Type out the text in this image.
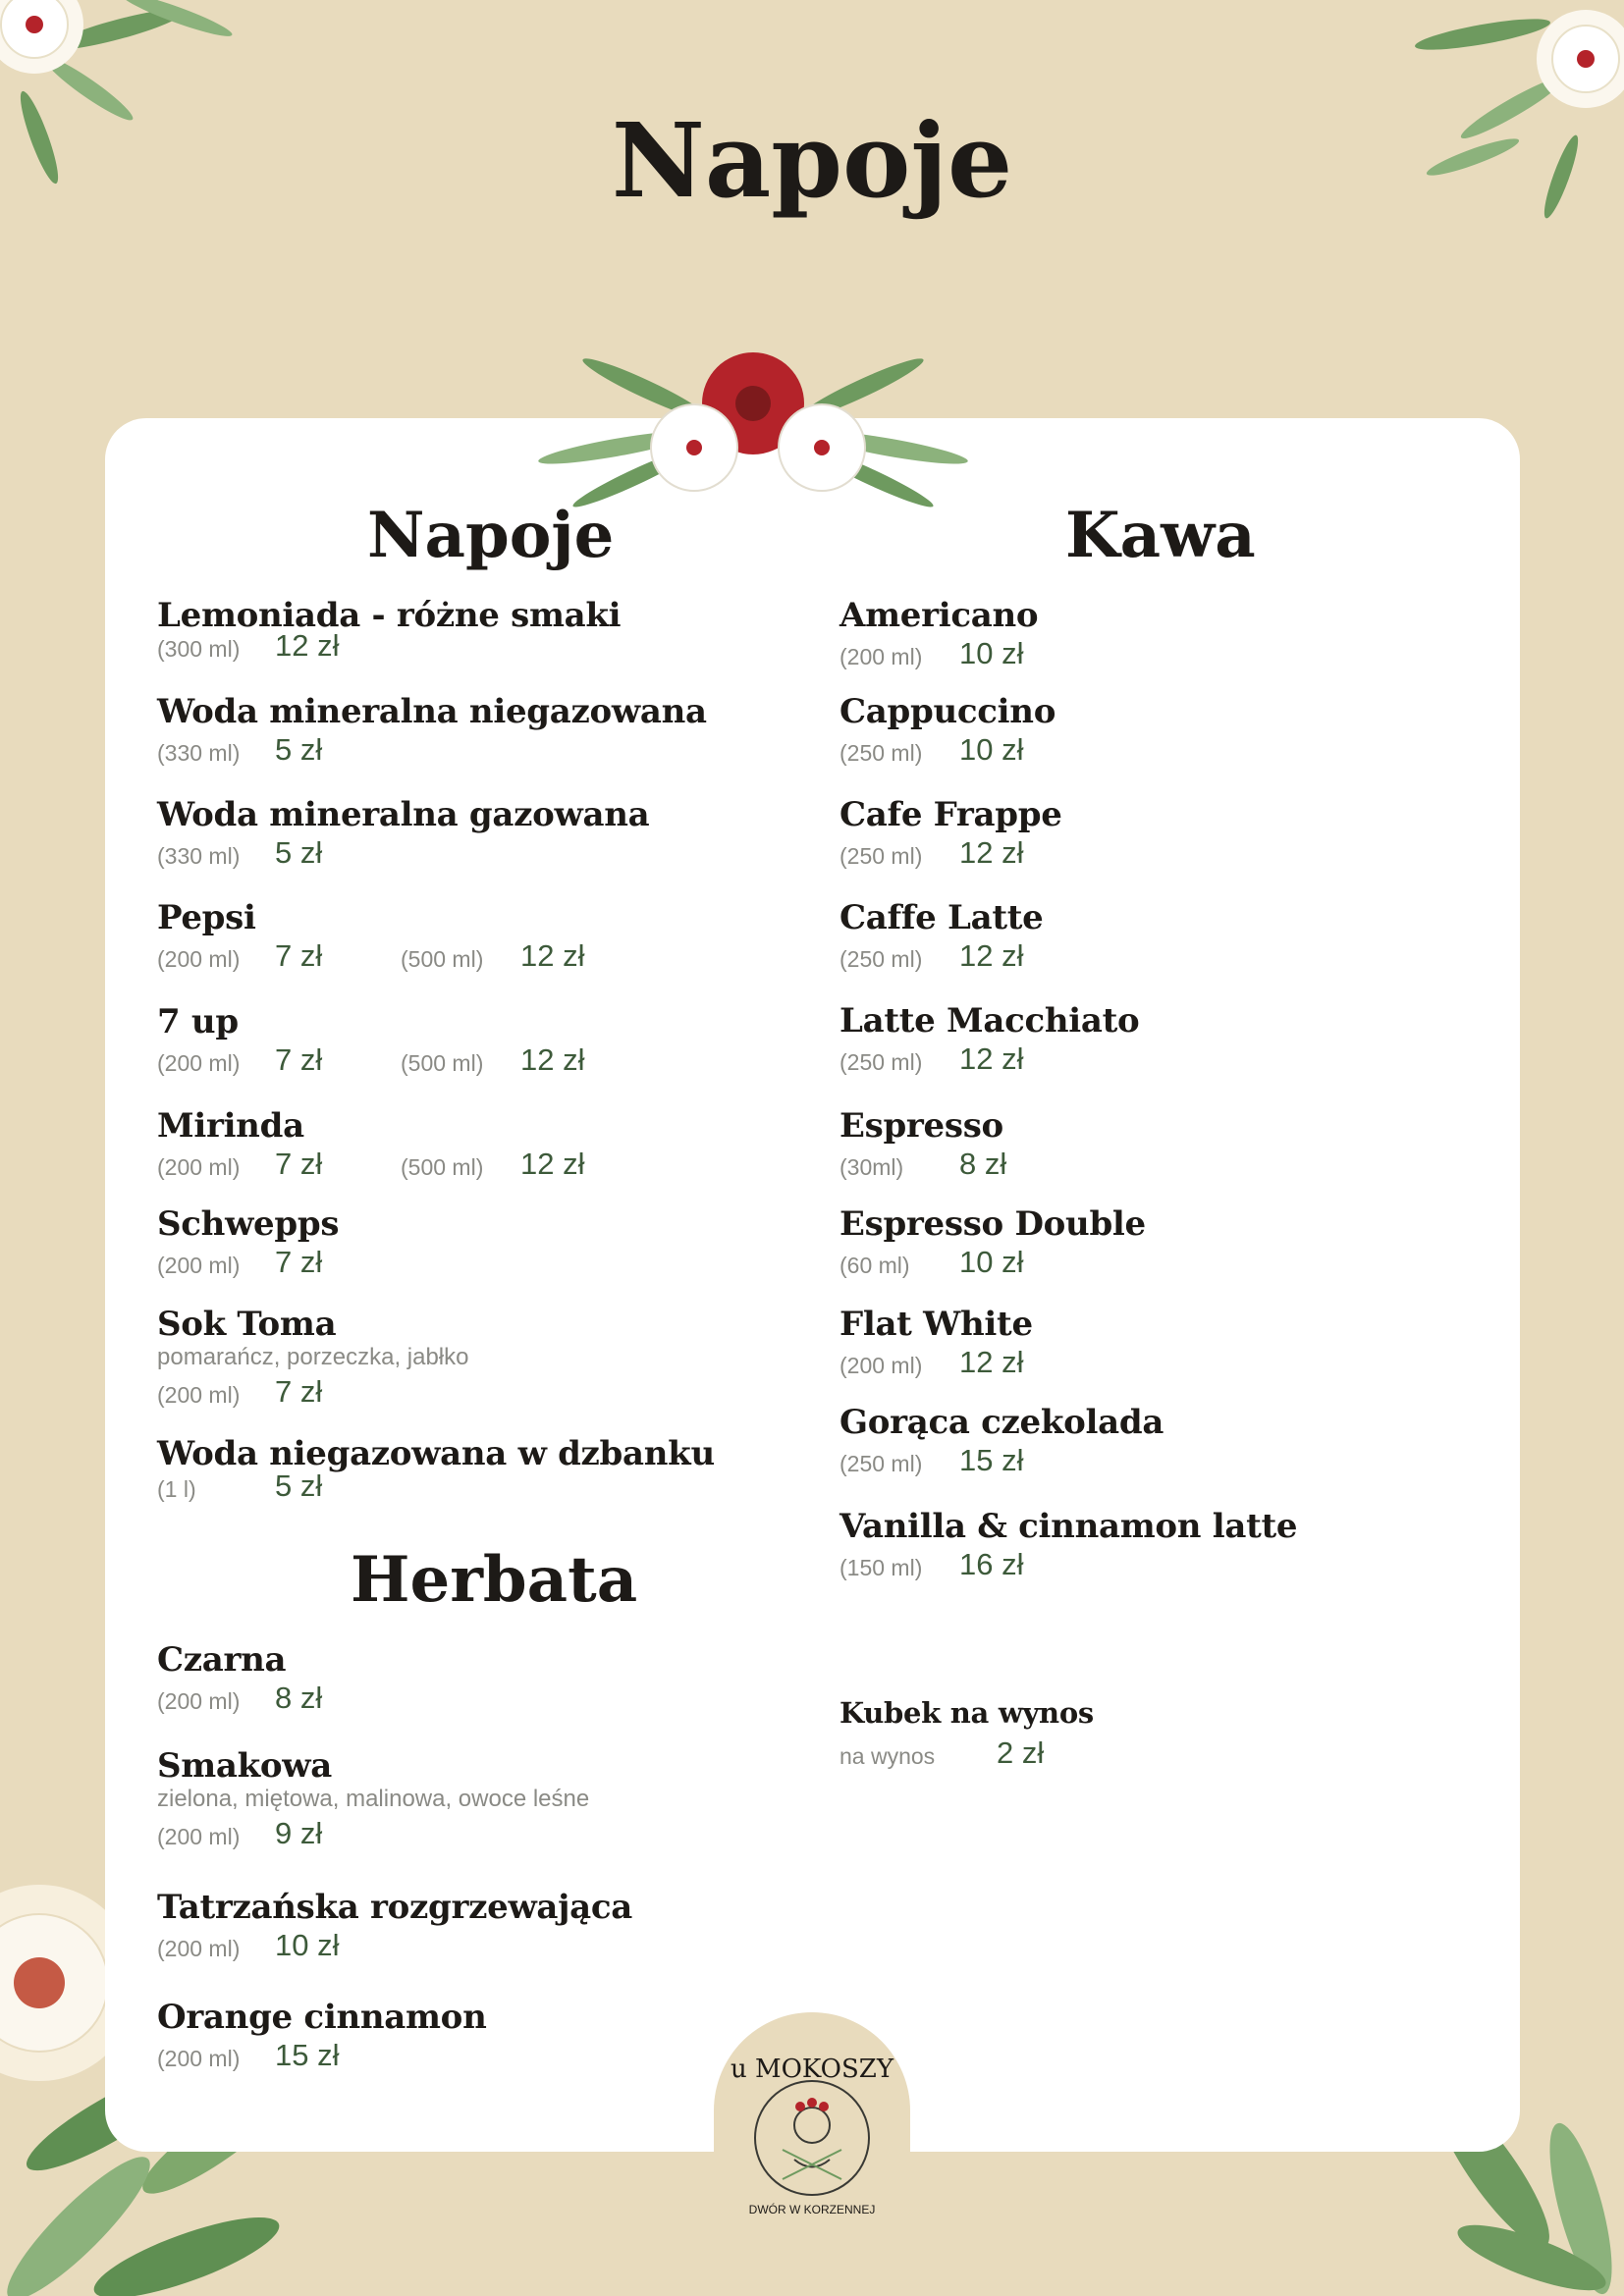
Napoje
Napoje
Lemoniada - różne smaki
(300 ml) 12 zł
Woda mineralna niegazowana
(330 ml) 5 zł
Woda mineralna gazowana
(330 ml) 5 zł
Pepsi
(200 ml) 7 zł	(500 ml) 12 zł
7 up
(200 ml) 7 zł	(500 ml) 12 zł
Mirinda
(200 ml) 7 zł	(500 ml) 12 zł
Schwepps
(200 ml) 7 zł
Sok Toma
pomarańcz, porzeczka, jabłko
(200 ml) 7 zł
Woda niegazowana w dzbanku
(1 l)	5 zł
Herbata
Czarna
(200 ml) 8 zł
Smakowa
zielona, miętowa, malinowa, owoce leśne
(200 ml) 9 zł
Tatrzańska rozgrzewająca
(200 ml) 10 zł
Orange cinnamon
(200 ml) 15 zł
Kawa
Americano
(200 ml) 10 zł
Cappuccino
(250 ml) 10 zł
Cafe Frappe
(250 ml) 12 zł
Caffe Latte
(250 ml) 12 zł
Latte Macchiato
(250 ml) 12 zł
Espresso
(30ml) 8 zł
Espresso Double
(60 ml) 10 zł
Flat White
(200 ml) 12 zł
Gorąca czekolada
(250 ml) 15 zł
Vanilla & cinnamon latte
(150 ml) 16 zł
Kubek na wynos
na wynos 2 zł
u MOKOSZY
DWÓR W KORZENNEJ
